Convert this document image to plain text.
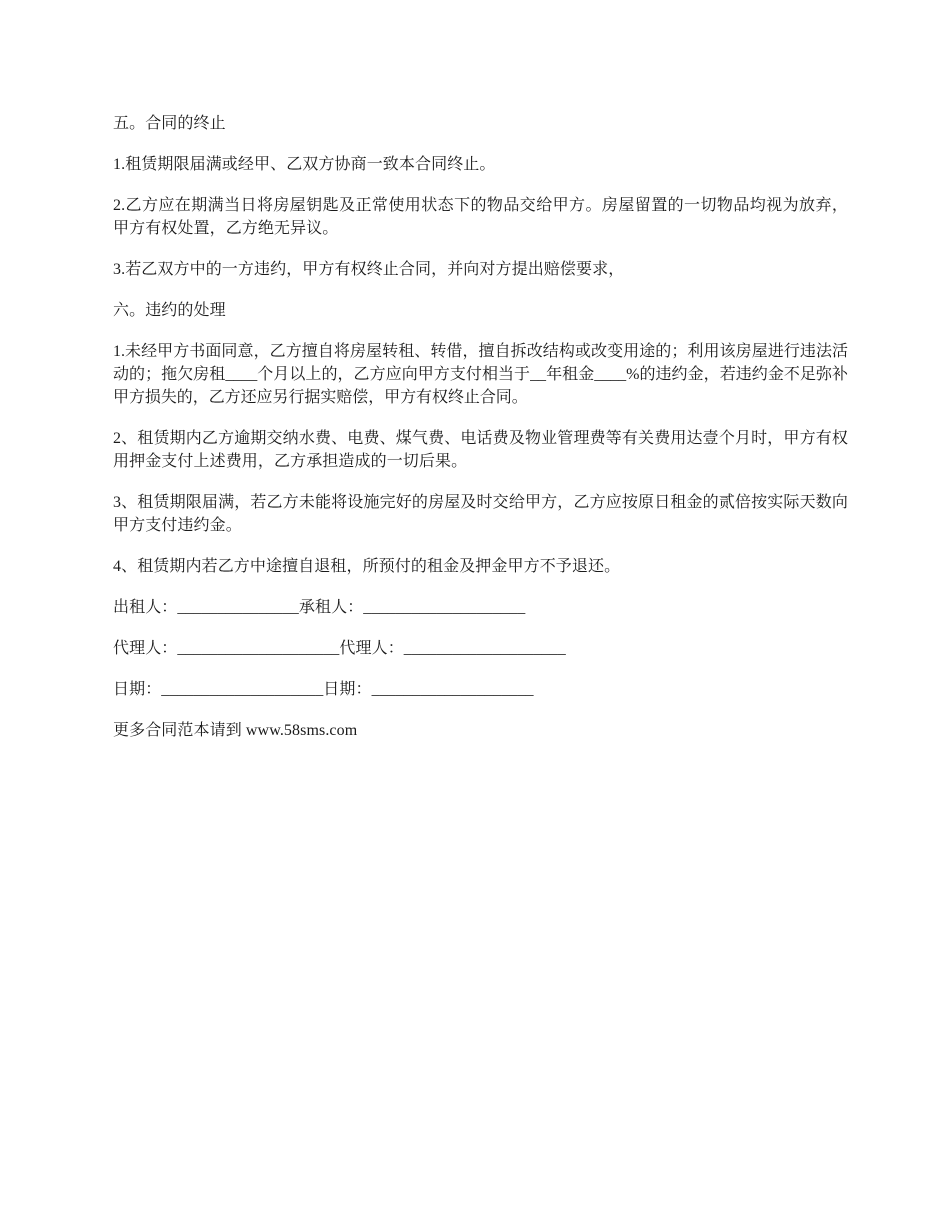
五。合同的终止

1.租赁期限届满或经甲、乙双方协商一致本合同终止。

2.乙方应在期满当日将房屋钥匙及正常使用状态下的物品交给甲方。房屋留置的一切物品均视为放弃，甲方有权处置，乙方绝无异议。

3.若乙双方中的一方违约，甲方有权终止合同，并向对方提出赔偿要求，

六。违约的处理

1.未经甲方书面同意，乙方擅自将房屋转租、转借，擅自拆改结构或改变用途的；利用该房屋进行违法活动的；拖欠房租____个月以上的，乙方应向甲方支付相当于__年租金____%的违约金，若违约金不足弥补甲方损失的，乙方还应另行据实赔偿，甲方有权终止合同。

2、租赁期内乙方逾期交纳水费、电费、煤气费、电话费及物业管理费等有关费用达壹个月时，甲方有权用押金支付上述费用，乙方承担造成的一切后果。

3、租赁期限届满，若乙方未能将设施完好的房屋及时交给甲方，乙方应按原日租金的贰倍按实际天数向甲方支付违约金。

4、租赁期内若乙方中途擅自退租，所预付的租金及押金甲方不予退还。

出租人：_______________承租人：____________________

代理人：____________________代理人：____________________

日期：____________________日期：____________________

更多合同范本请到 www.58sms.com
